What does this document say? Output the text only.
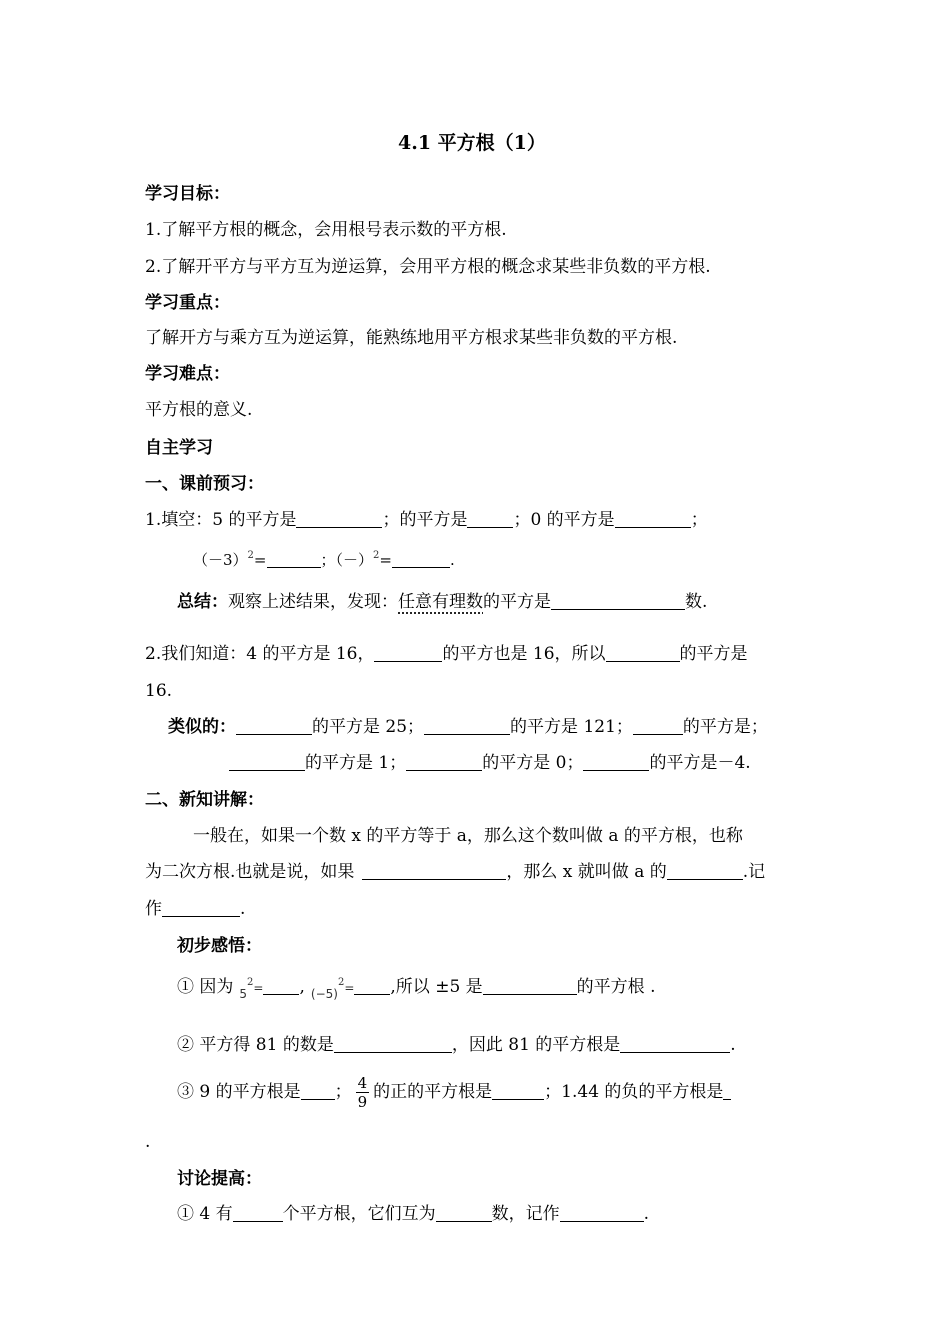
4.1 平方根（1）
学习目标：
1.了解平方根的概念，会用根号表示数的平方根.
2.了解开平方与平方互为逆运算，会用平方根的概念求某些非负数的平方根.
学习重点：
了解开方与乘方互为逆运算，能熟练地用平方根求某些非负数的平方根.
学习难点：
平方根的意义.
自主学习
一、课前预习：
1.填空：5 的平方是	；的平方是	；0 的平方是	；
$(-3)^2=$	；$(-)^2=$	.
总结：观察上述结果，发现：任意有理数的平方是	数.
2.我们知道：4 的平方是 16，	的平方也是 16，所以	的平方是
16.
类似的：	的平方是 25；	的平方是 121；	的平方是；
的平方是 1；	的平方是 0；	的平方是－4.
二、新知讲解：
一般在，如果一个数 x 的平方等于 a，那么这个数叫做 a 的平方根，也称
为二次方根.也就是说，如果	，那么 x 就叫做 a 的	.记
作	.
初步感悟：
① 因为 $_5^2$= , $_{(-5)}^2$= ,所以 ±5 是	的平方根 .
② 平方得 81 的数是	，因此 81 的平方根是	.
③ 9 的平方根是 ； $\frac{4}{9}$ 的正的平方根是	；1.44 的负的平方根是
.
讨论提高：
① 4 有	个平方根，它们互为	数，记作	.
